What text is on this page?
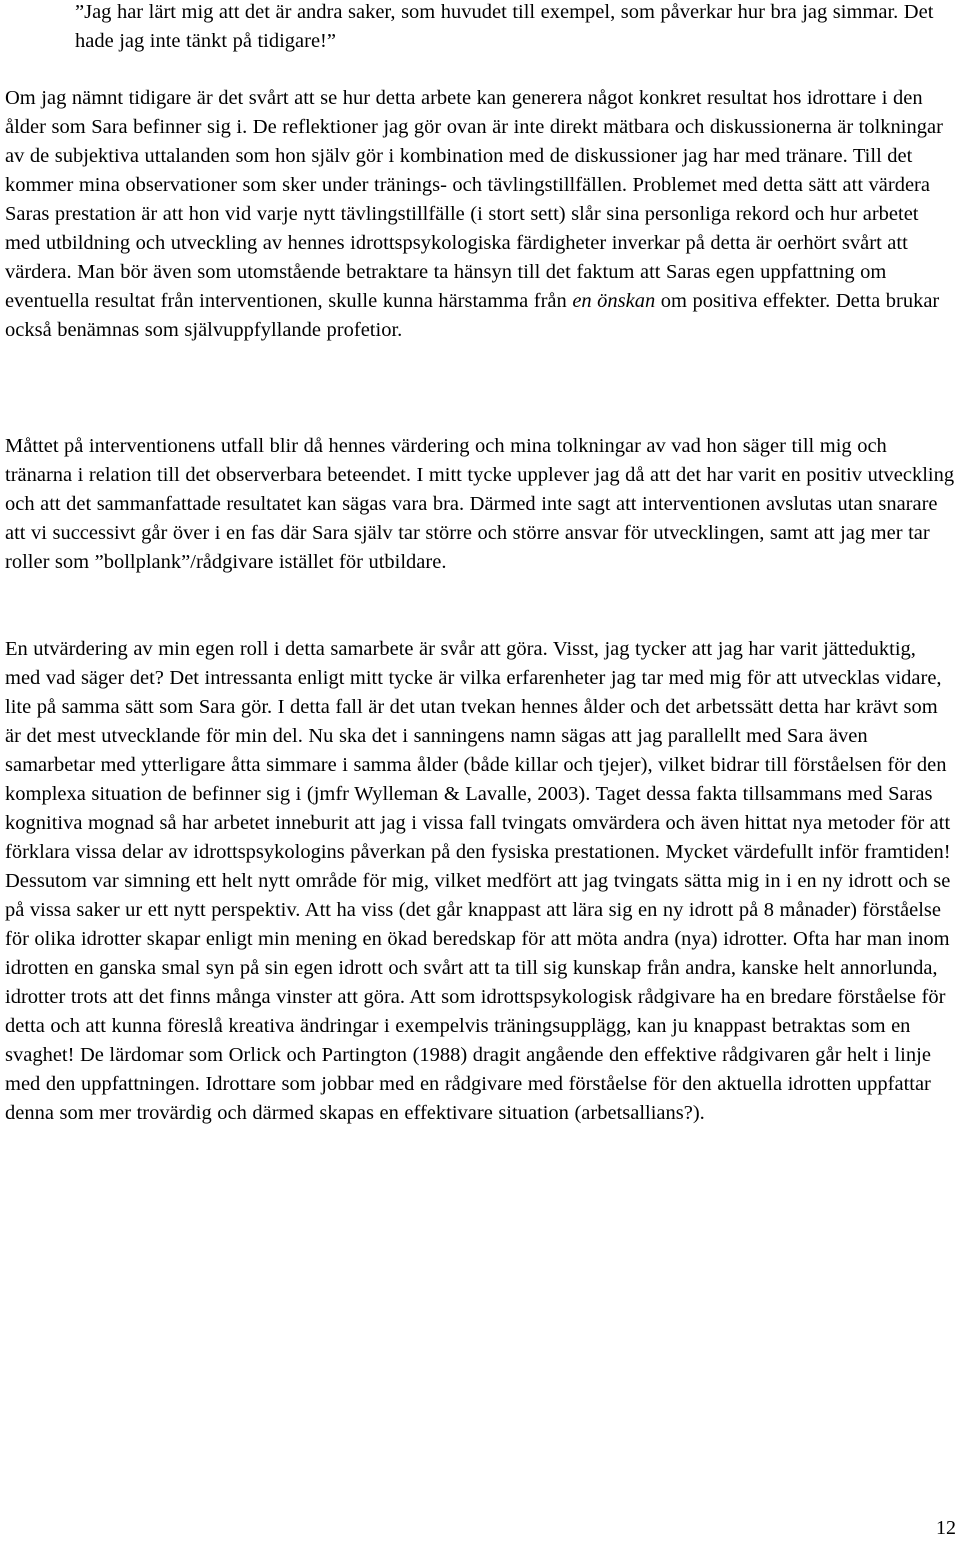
”Jag har lärt mig att det är andra saker, som huvudet till exempel, som påverkar hur bra jag simmar. Det hade jag inte tänkt på tidigare!”

Om jag nämnt tidigare är det svårt att se hur detta arbete kan generera något konkret resultat hos idrottare i den ålder som Sara befinner sig i. De reflektioner jag gör ovan är inte direkt mätbara och diskussionerna är tolkningar av de subjektiva uttalanden som hon själv gör i kombination med de diskussioner jag har med tränare. Till det kommer mina observationer som sker under tränings- och tävlingstillfällen. Problemet med detta sätt att värdera Saras prestation är att hon vid varje nytt tävlingstillfälle (i stort sett) slår sina personliga rekord och hur arbetet med utbildning och utveckling av hennes idrottspsykologiska färdigheter inverkar på detta är oerhört svårt att värdera. Man bör även som utomstående betraktare ta hänsyn till det faktum att Saras egen uppfattning om eventuella resultat från interventionen, skulle kunna härstamma från en önskan om positiva effekter. Detta brukar också benämnas som självuppfyllande profetior.

Måttet på interventionens utfall blir då hennes värdering och mina tolkningar av vad hon säger till mig och tränarna i relation till det observerbara beteendet. I mitt tycke upplever jag då att det har varit en positiv utveckling och att det sammanfattade resultatet kan sägas vara bra. Därmed inte sagt att interventionen avslutas utan snarare att vi successivt går över i en fas där Sara själv tar större och större ansvar för utvecklingen, samt att jag mer tar roller som ”bollplank”/rådgivare istället för utbildare.

En utvärdering av min egen roll i detta samarbete är svår att göra. Visst, jag tycker att jag har varit jätteduktig, med vad säger det? Det intressanta enligt mitt tycke är vilka erfarenheter jag tar med mig för att utvecklas vidare, lite på samma sätt som Sara gör. I detta fall är det utan tvekan hennes ålder och det arbetssätt detta har krävt som är det mest utvecklande för min del. Nu ska det i sanningens namn sägas att jag parallellt med Sara även samarbetar med ytterligare åtta simmare i samma ålder (både killar och tjejer), vilket bidrar till förståelsen för den komplexa situation de befinner sig i (jmfr Wylleman & Lavalle, 2003). Taget dessa fakta tillsammans med Saras kognitiva mognad så har arbetet inneburit att jag i vissa fall tvingats omvärdera och även hittat nya metoder för att förklara vissa delar av idrottspsykologins påverkan på den fysiska prestationen. Mycket värdefullt inför framtiden! Dessutom var simning ett helt nytt område för mig, vilket medfört att jag tvingats sätta mig in i en ny idrott och se på vissa saker ur ett nytt perspektiv. Att ha viss (det går knappast att lära sig en ny idrott på 8 månader) förståelse för olika idrotter skapar enligt min mening en ökad beredskap för att möta andra (nya) idrotter. Ofta har man inom idrotten en ganska smal syn på sin egen idrott och svårt att ta till sig kunskap från andra, kanske helt annorlunda, idrotter trots att det finns många vinster att göra. Att som idrottspsykologisk rådgivare ha en bredare förståelse för detta och att kunna föreslå kreativa ändringar i exempelvis träningsupplägg, kan ju knappast betraktas som en svaghet! De lärdomar som Orlick och Partington (1988) dragit angående den effektive rådgivaren går helt i linje med den uppfattningen. Idrottare som jobbar med en rådgivare med förståelse för den aktuella idrotten uppfattar denna som mer trovärdig och därmed skapas en effektivare situation (arbetsallians?).

12
